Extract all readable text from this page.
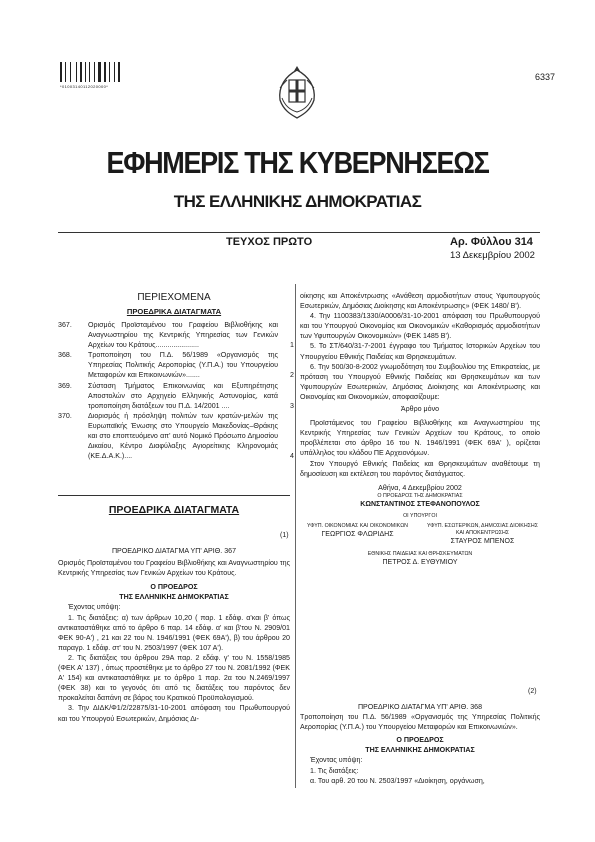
*01003140112020000*
6337
ΕΦΗΜΕΡΙΣ ΤΗΣ ΚΥΒΕΡΝΗΣΕΩΣ
ΤΗΣ ΕΛΛΗΝΙΚΗΣ ΔΗΜΟΚΡΑΤΙΑΣ
ΤΕΥΧΟΣ ΠΡΩΤΟ	Αρ. Φύλλου 314
13 Δεκεμβρίου 2002
ΠΕΡΙΕΧΟΜΕΝΑ
ΠΡΟΕΔΡΙΚΑ ΔΙΑΤΑΓΜΑΤΑ
367. Ορισμός Προϊσταμένου του Γραφείου Βιβλιοθήκης και Αναγνωστηρίου της Κεντρικής Υπηρεσίας των Γενικών Αρχείων του Κράτους......................	1
368. Τροποποίηση του Π.Δ. 56/1989 «Οργανισμός της Υπηρεσίας Πολιτικής Αεροπορίας (Υ.Π.Α.) του Υπουργείου Μεταφορών και Επικοινωνιών».......	2
369. Σύσταση Τμήματος Επικοινωνίας και Εξυπηρέτησης Αποστολών στο Αρχηγείο Ελληνικής Αστυνομίας, κατά τροποποίηση διατάξεων του Π.Δ. 14/2001 ....	3
370. Διορισμός ή πρόσληψη πολιτών των κρατών-μελών της Ευρωπαϊκής Ένωσης στο Υπουργείο Μακεδονίας–Θράκης και στο εποπτευόμενο απ' αυτό Νομικό Πρόσωπο Δημοσίου Δικαίου, Κέντρο Διαφύλαξης Αγιορείτικης Κληρονομιάς (ΚΕ.Δ.Α.Κ.)....	4
ΠΡΟΕΔΡΙΚΑ ΔΙΑΤΑΓΜΑΤΑ
(1)
ΠΡΟΕΔΡΙΚΟ ΔΙΑΤΑΓΜΑ ΥΠ' ΑΡΙΘ. 367
Ορισμός Προϊσταμένου του Γραφείου Βιβλιοθήκης και Αναγνωστηρίου της Κεντρικής Υπηρεσίας των Γενικών Αρχείων του Κράτους.
Ο ΠΡΟΕΔΡΟΣ
ΤΗΣ ΕΛΛΗΝΙΚΗΣ ΔΗΜΟΚΡΑΤΙΑΣ
Έχοντας υπόψη:
1. Τις διατάξεις: α) των άρθρων 10,20 ( παρ. 1 εδάφ. α'και β' όπως αντικαταστάθηκε από το άρθρο 6 παρ. 14 εδάφ. α' και β'του Ν. 2909/01 ΦΕΚ 90-Α') , 21 και 22 του Ν. 1946/1991 (ΦΕΚ 69Α'), β) του άρθρου 20 παραγρ. 1 εδάφ. στ' του Ν. 2503/1997 (ΦΕΚ 107 Α').
2. Τις διατάξεις του άρθρου 29Α παρ. 2 εδάφ. γ' του Ν. 1558/1985 (ΦΕΚ Α' 137) , όπως προστέθηκε με το άρθρο 27 του Ν. 2081/1992 (ΦΕΚ Α' 154) και αντικαταστάθηκε με το άρθρο 1 παρ. 2α του Ν.2469/1997 (ΦΕΚ 38) και το γεγονός ότι από τις διατάξεις του παρόντος δεν προκαλείται δαπάνη σε βάρος του Κρατικού Προϋπολογισμού.
3. Την ΔΙΔΚ/Φ1/2/22875/31-10-2001 απόφαση του Πρωθυπουργού και του Υπουργού Εσωτερικών, Δημόσιας Δι-
οίκησης και Αποκέντρωσης «Ανάθεση αρμοδιοτήτων στους Υφυπουργούς Εσωτερικών, Δημόσιας Διοίκησης και Αποκέντρωσης» (ΦΕΚ 1480/ Β').
4. Την 1100383/1330/Α0006/31-10-2001 απόφαση του Πρωθυπουργού και του Υπουργού Οικονομίας και Οικονομικών «Καθορισμός αρμοδιοτήτων των Υφυπουργών Οικονομικών» (ΦΕΚ 1485 Β').
5. Το ΣΤ/640/31-7-2001 έγγραφο του Τμήματος Ιστορικών Αρχείων του Υπουργείου Εθνικής Παιδείας και Θρησκευμάτων.
6. Την 500/30-8-2002 γνωμοδότηση του Συμβουλίου της Επικρατείας, με πρόταση του Υπουργού Εθνικής Παιδείας και Θρησκευμάτων και των Υφυπουργών Εσωτερικών, Δημόσιας Διοίκησης και Αποκέντρωσης και Οικονομίας και Οικονομικών, αποφασίζουμε:
Άρθρο μόνο
Προϊστάμενος του Γραφείου Βιβλιοθήκης και Αναγνωστηρίου της Κεντρικής Υπηρεσίας των Γενικών Αρχείων του Κράτους, το οποίο προβλέπεται στο άρθρο 16 του Ν. 1946/1991 (ΦΕΚ 69Α' ), ορίζεται υπάλληλος του κλάδου ΠΕ Αρχειονόμων.
Στον Υπουργό Εθνικής Παιδείας και Θρησκευμάτων αναθέτουμε τη δημοσίευση και εκτέλεση του παρόντος διατάγματος.
Αθήνα, 4 Δεκεμβρίου 2002
Ο ΠΡΟΕΔΡΟΣ ΤΗΣ ΔΗΜΟΚΡΑΤΙΑΣ
ΚΩΝΣΤΑΝΤΙΝΟΣ ΣΤΕΦΑΝΟΠΟΥΛΟΣ
ΟΙ ΥΠΟΥΡΓΟΙ
ΥΦΥΠ. ΟΙΚΟΝΟΜΙΑΣ ΚΑΙ ΟΙΚΟΝΟΜΙΚΩΝ
ΓΕΩΡΓΙΟΣ ΦΛΩΡΙΔΗΣ
ΥΦΥΠ. ΕΣΩΤΕΡΙΚΩΝ, ΔΗΜΟΣΙΑΣ ΔΙΟΙΚΗΣΗΣ ΚΑΙ ΑΠΟΚΕΝΤΡΩΣΗΣ
ΣΤΑΥΡΟΣ ΜΠΕΝΟΣ
ΕΘΝΙΚΗΣ ΠΑΙΔΕΙΑΣ ΚΑΙ ΘΡΗΣΚΕΥΜΑΤΩΝ
ΠΕΤΡΟΣ Δ. ΕΥΘΥΜΙΟΥ
(2)
ΠΡΟΕΔΡΙΚΟ ΔΙΑΤΑΓΜΑ ΥΠ' ΑΡΙΘ. 368
Τροποποίηση του Π.Δ. 56/1989 «Οργανισμός της Υπηρεσίας Πολιτικής Αεροπορίας (Υ.Π.Α.) του Υπουργείου Μεταφορών και Επικοινωνιών».
Ο ΠΡΟΕΔΡΟΣ
ΤΗΣ ΕΛΛΗΝΙΚΗΣ ΔΗΜΟΚΡΑΤΙΑΣ
Έχοντας υπόψη:
1. Τις διατάξεις:
α. Του αρθ. 20 του Ν. 2503/1997 «Διοίκηση, οργάνωση,
